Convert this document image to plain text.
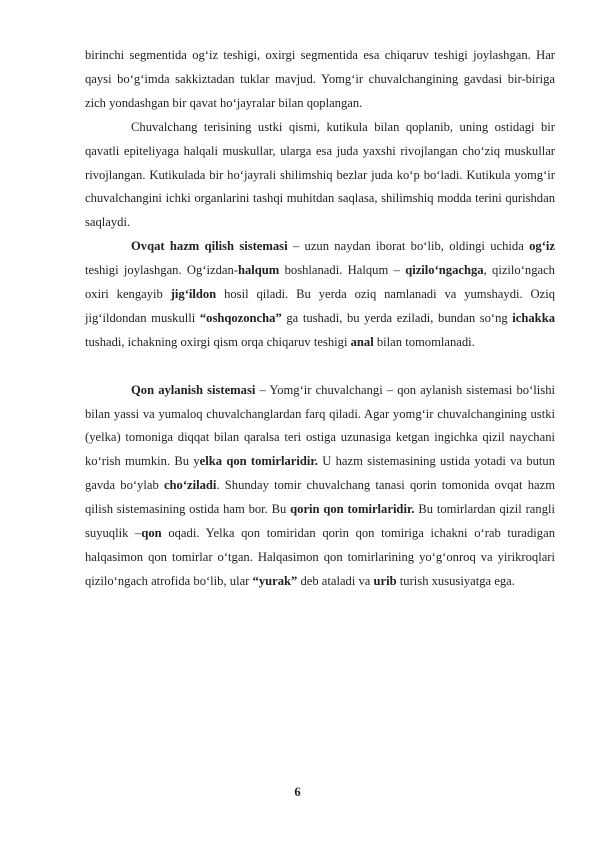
birinchi segmentida og‘iz teshigi, oxirgi segmentida esa chiqaruv teshigi joylashgan. Har qaysi bo‘g‘imda sakkiztadan tuklar mavjud. Yomg‘ir chuvalchangining gavdasi bir-biriga zich yondashgan bir qavat ho‘jayralar bilan qoplangan.

Chuvalchang terisining ustki qismi, kutikula bilan qoplanib, uning ostidagi bir qavatli epiteliyaga halqali muskullar, ularga esa juda yaxshi rivojlangan cho‘ziq muskullar rivojlangan. Kutikulada bir ho‘jayrali shilimshiq bezlar juda ko‘p bo‘ladi. Kutikula yomg‘ir chuvalchangini ichki organlarini tashqi muhitdan saqlasa, shilimshiq modda terini qurishdan saqlaydi.

Ovqat hazm qilish sistemasi – uzun naydan iborat bo‘lib, oldingi uchida og‘iz teshigi joylashgan. Og‘izdan-halqum boshlanadi. Halqum – qizilo‘ngachga, qizilo‘ngach oxiri kengayib jig‘ildon hosil qiladi. Bu yerda oziq namlanadi va yumshaydi. Oziq jig‘ildondan muskulli “oshqozoncha” ga tushadi, bu yerda eziladi, bundan so‘ng ichakka tushadi, ichakning oxirgi qism orqa chiqaruv teshigi anal bilan tomomlanadi.

Qon aylanish sistemasi – Yomg‘ir chuvalchangi – qon aylanish sistemasi bo‘lishi bilan yassi va yumaloq chuvalchanglardan farq qiladi. Agar yomg‘ir chuvalchangining ustki (yelka) tomoniga diqqat bilan qaralsa teri ostiga uzunasiga ketgan ingichka qizil naychani ko‘rish mumkin. Bu yelka qon tomirlaridir. U hazm sistemasining ustida yotadi va butun gavda bo‘ylab cho‘ziladi. Shunday tomir chuvalchang tanasi qorin tomonida ovqat hazm qilish sistemasining ostida ham bor. Bu qorin qon tomirlaridir. Bu tomirlardan qizil rangli suyuqlik –qon oqadi. Yelka qon tomiridan qorin qon tomiriga ichakni o‘rab turadigan halqasimon qon tomirlar o‘tgan. Halqasimon qon tomirlarining yo‘g‘onroq va yirikroqlari qizilo‘ngach atrofida bo‘lib, ular “yurak” deb ataladi va urib turish xususiyatga ega.

6
